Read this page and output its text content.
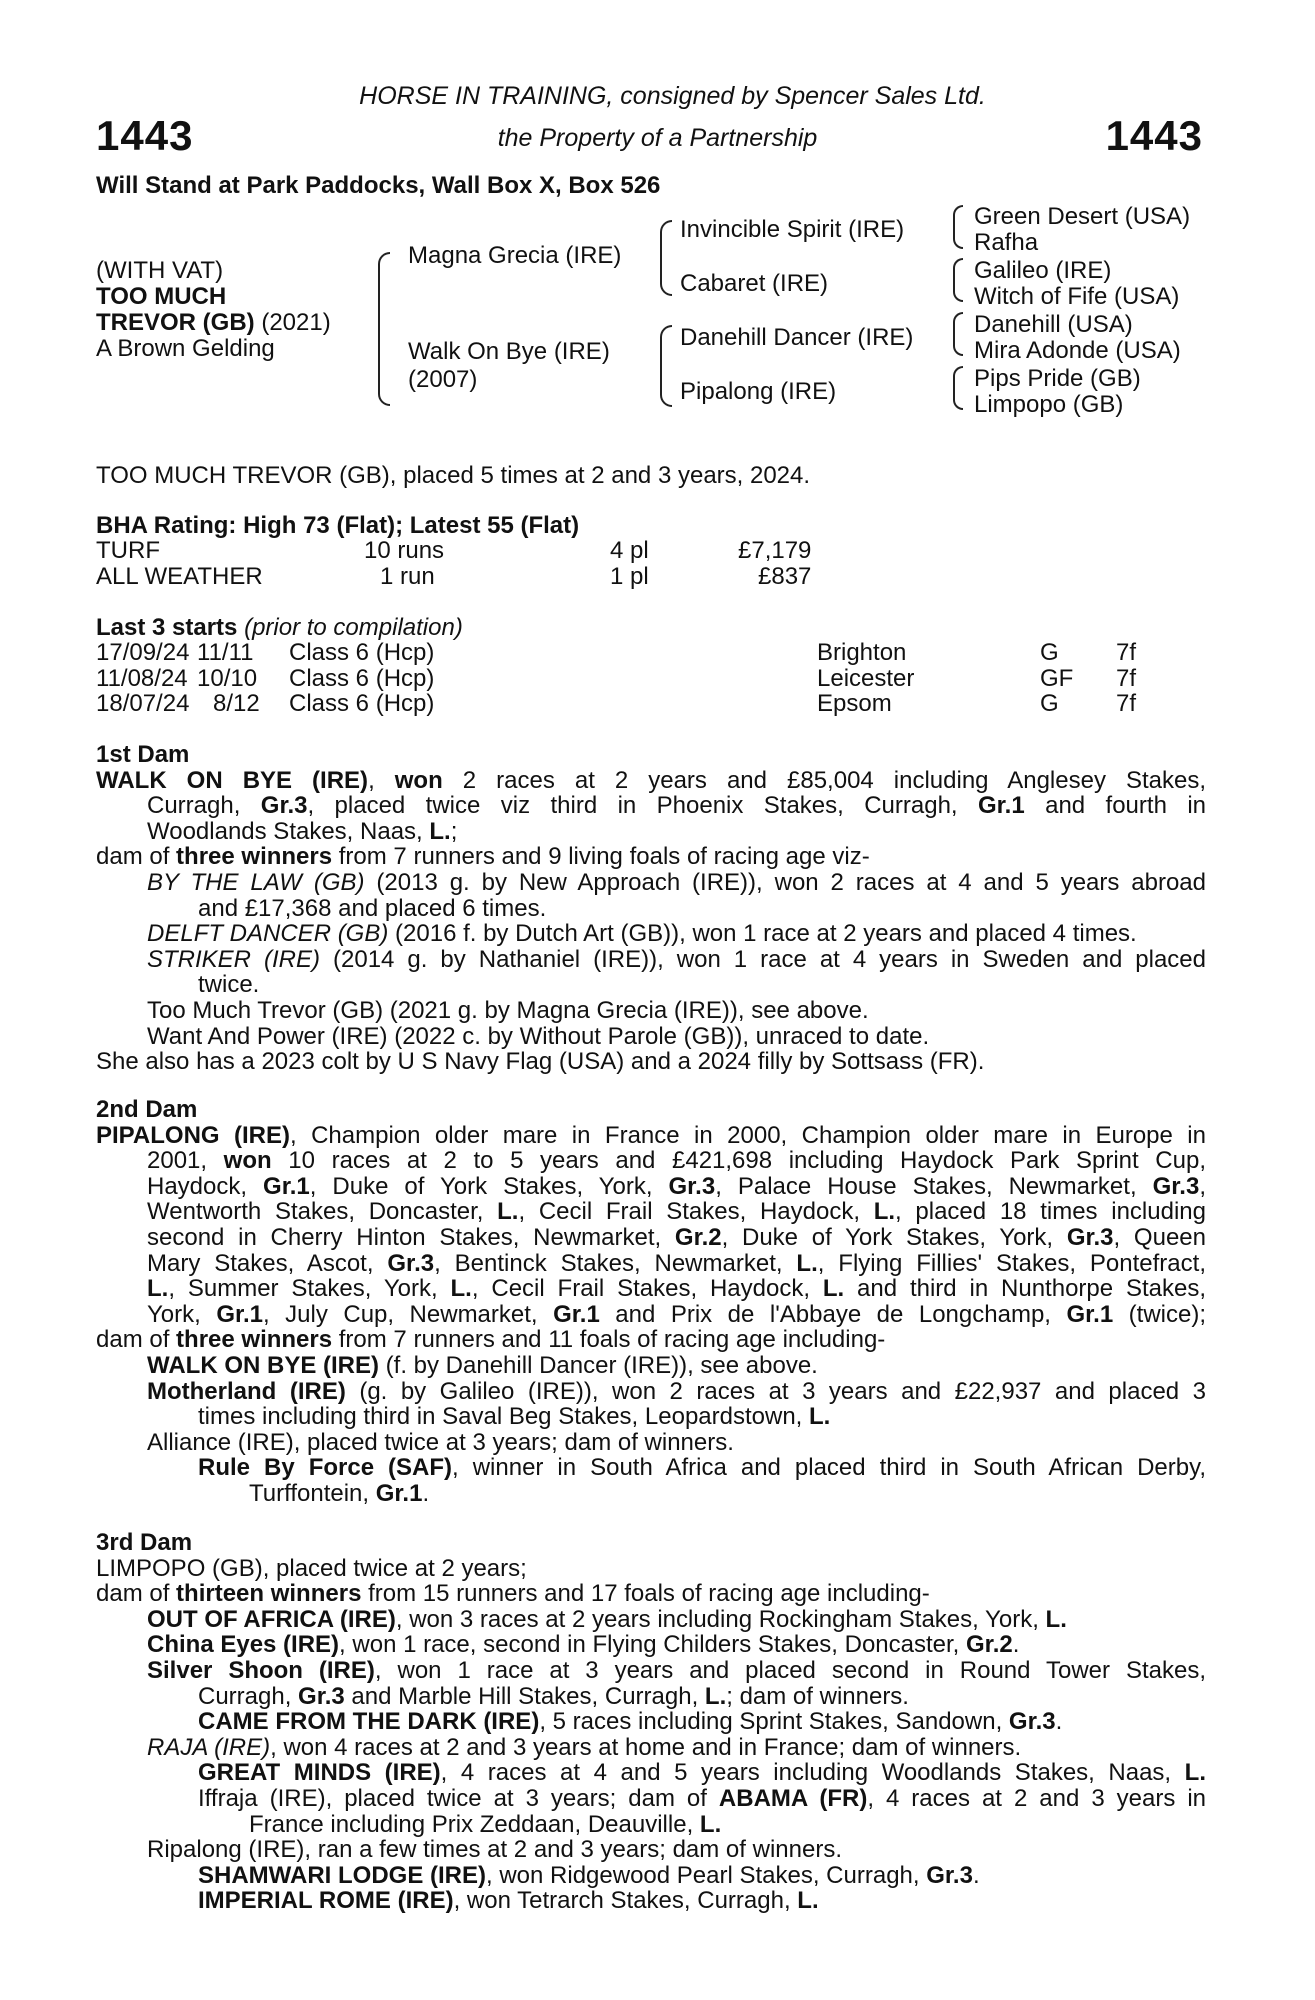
1443	1443
HORSE IN TRAINING, consigned by Spencer Sales Ltd.
the Property of a Partnership
Will Stand at Park Paddocks, Wall Box X, Box 526
(WITH VAT)
TOO MUCH
TREVOR (GB) (2021)
A Brown Gelding
Magna Grecia (IRE)
Walk On Bye (IRE)
(2007)
Invincible Spirit (IRE)
Cabaret (IRE)
Danehill Dancer (IRE)
Pipalong (IRE)
Green Desert (USA)
Rafha
Galileo (IRE)
Witch of Fife (USA)
Danehill (USA)
Mira Adonde (USA)
Pips Pride (GB)
Limpopo (GB)
TOO MUCH TREVOR (GB), placed 5 times at 2 and 3 years, 2024.
BHA Rating: High 73 (Flat); Latest 55 (Flat)
TURF	10 runs	4 pl	£7,179
ALL WEATHER	1 run	1 pl	£837
Last 3 starts (prior to compilation)
17/09/24 11/11 Class 6 (Hcp)	Brighton	G 7f
11/08/24 10/10 Class 6 (Hcp)	Leicester	GF 7f
18/07/24 8/12 Class 6 (Hcp)	Epsom	G 7f
1st Dam
WALK ON BYE (IRE), won 2 races at 2 years and £85,004 including Anglesey Stakes,
Curragh, Gr.3, placed twice viz third in Phoenix Stakes, Curragh, Gr.1 and fourth in
Woodlands Stakes, Naas, L.;
dam of three winners from 7 runners and 9 living foals of racing age viz-
BY THE LAW (GB) (2013 g. by New Approach (IRE)), won 2 races at 4 and 5 years abroad
and £17,368 and placed 6 times.
DELFT DANCER (GB) (2016 f. by Dutch Art (GB)), won 1 race at 2 years and placed 4 times.
STRIKER (IRE) (2014 g. by Nathaniel (IRE)), won 1 race at 4 years in Sweden and placed
twice.
Too Much Trevor (GB) (2021 g. by Magna Grecia (IRE)), see above.
Want And Power (IRE) (2022 c. by Without Parole (GB)), unraced to date.
She also has a 2023 colt by U S Navy Flag (USA) and a 2024 filly by Sottsass (FR).
2nd Dam
PIPALONG (IRE), Champion older mare in France in 2000, Champion older mare in Europe in
2001, won 10 races at 2 to 5 years and £421,698 including Haydock Park Sprint Cup,
Haydock, Gr.1, Duke of York Stakes, York, Gr.3, Palace House Stakes, Newmarket, Gr.3,
Wentworth Stakes, Doncaster, L., Cecil Frail Stakes, Haydock, L., placed 18 times including
second in Cherry Hinton Stakes, Newmarket, Gr.2, Duke of York Stakes, York, Gr.3, Queen
Mary Stakes, Ascot, Gr.3, Bentinck Stakes, Newmarket, L., Flying Fillies' Stakes, Pontefract,
L., Summer Stakes, York, L., Cecil Frail Stakes, Haydock, L. and third in Nunthorpe Stakes,
York, Gr.1, July Cup, Newmarket, Gr.1 and Prix de l'Abbaye de Longchamp, Gr.1 (twice);
dam of three winners from 7 runners and 11 foals of racing age including-
WALK ON BYE (IRE) (f. by Danehill Dancer (IRE)), see above.
Motherland (IRE) (g. by Galileo (IRE)), won 2 races at 3 years and £22,937 and placed 3
times including third in Saval Beg Stakes, Leopardstown, L.
Alliance (IRE), placed twice at 3 years; dam of winners.
Rule By Force (SAF), winner in South Africa and placed third in South African Derby,
Turffontein, Gr.1.
3rd Dam
LIMPOPO (GB), placed twice at 2 years;
dam of thirteen winners from 15 runners and 17 foals of racing age including-
OUT OF AFRICA (IRE), won 3 races at 2 years including Rockingham Stakes, York, L.
China Eyes (IRE), won 1 race, second in Flying Childers Stakes, Doncaster, Gr.2.
Silver Shoon (IRE), won 1 race at 3 years and placed second in Round Tower Stakes,
Curragh, Gr.3 and Marble Hill Stakes, Curragh, L.; dam of winners.
CAME FROM THE DARK (IRE), 5 races including Sprint Stakes, Sandown, Gr.3.
RAJA (IRE), won 4 races at 2 and 3 years at home and in France; dam of winners.
GREAT MINDS (IRE), 4 races at 4 and 5 years including Woodlands Stakes, Naas, L.
Iffraja (IRE), placed twice at 3 years; dam of ABAMA (FR), 4 races at 2 and 3 years in
France including Prix Zeddaan, Deauville, L.
Ripalong (IRE), ran a few times at 2 and 3 years; dam of winners.
SHAMWARI LODGE (IRE), won Ridgewood Pearl Stakes, Curragh, Gr.3.
IMPERIAL ROME (IRE), won Tetrarch Stakes, Curragh, L.
